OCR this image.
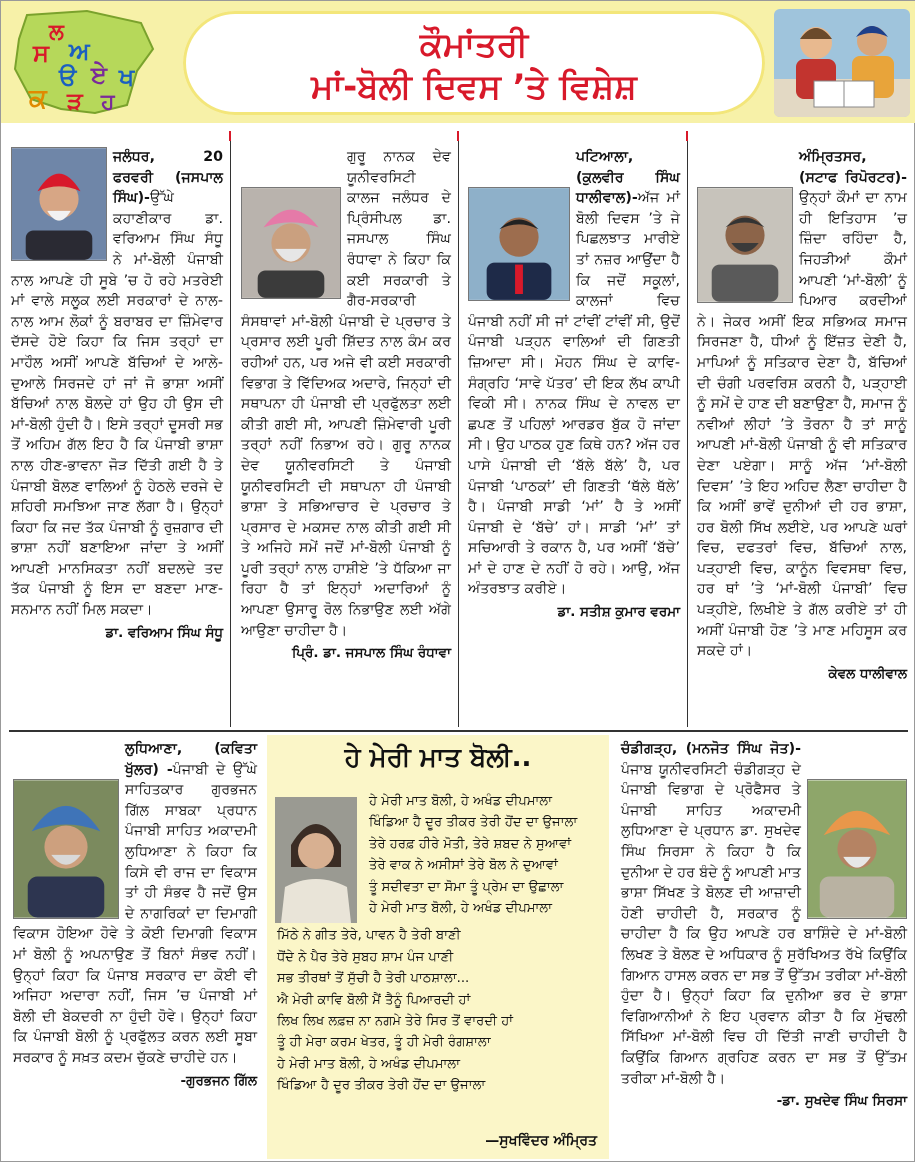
ਲ
ਸ ਅ
ੳ ਏ ਖ
ਕ ੜ ਹ
ਕੌਮਾਂਤਰੀ
ਮਾਂ-ਬੋਲੀ ਦਿਵਸ ’ਤੇ ਵਿਸ਼ੇਸ਼

ਜਲੰਧਰ, 20 ਫਰਵਰੀ (ਜਸਪਾਲ ਸਿੰਘ)-ਉੱਘੇ ਕਹਾਣੀਕਾਰ ਡਾ. ਵਰਿਆਮ ਸਿੰਘ ਸੰਧੂ ਨੇ ਮਾਂ-ਬੋਲੀ ਪੰਜਾਬੀ ਨਾਲ ਆਪਣੇ ਹੀ ਸੂਬੇ ’ਚ ਹੋ ਰਹੇ ਮਤਰੇਈ ਮਾਂ ਵਾਲੇ ਸਲੂਕ ਲਈ ਸਰਕਾਰਾਂ ਦੇ ਨਾਲ-ਨਾਲ ਆਮ ਲੋਕਾਂ ਨੂੰ ਬਰਾਬਰ ਦਾ ਜ਼ਿੰਮੇਵਾਰ ਦੱਸਦੇ ਹੋਏ ਕਿਹਾ ਕਿ ਜਿਸ ਤਰ੍ਹਾਂ ਦਾ ਮਾਹੌਲ ਅਸੀਂ ਆਪਣੇ ਬੱਚਿਆਂ ਦੇ ਆਲੇ-ਦੁਆਲੇ ਸਿਰਜਦੇ ਹਾਂ ਜਾਂ ਜੋ ਭਾਸ਼ਾ ਅਸੀਂ ਬੱਚਿਆਂ ਨਾਲ ਬੋਲਦੇ ਹਾਂ ਉਹ ਹੀ ਉਸ ਦੀ ਮਾਂ-ਬੋਲੀ ਹੁੰਦੀ ਹੈ। ਇਸੇ ਤਰ੍ਹਾਂ ਦੂਸਰੀ ਸਭ ਤੋਂ ਅਹਿਮ ਗੱਲ ਇਹ ਹੈ ਕਿ ਪੰਜਾਬੀ ਭਾਸ਼ਾ ਨਾਲ ਹੀਣ-ਭਾਵਨਾ ਜੋੜ ਦਿੱਤੀ ਗਈ ਹੈ ਤੇ ਪੰਜਾਬੀ ਬੋਲਣ ਵਾਲਿਆਂ ਨੂੰ ਹੇਠਲੇ ਦਰਜੇ ਦੇ ਸ਼ਹਿਰੀ ਸਮਝਿਆ ਜਾਣ ਲੱਗਾ ਹੈ। ਉਨ੍ਹਾਂ ਕਿਹਾ ਕਿ ਜਦ ਤੱਕ ਪੰਜਾਬੀ ਨੂੰ ਰੁਜ਼ਗਾਰ ਦੀ ਭਾਸ਼ਾ ਨਹੀਂ ਬਣਾਇਆ ਜਾਂਦਾ ਤੇ ਅਸੀਂ ਆਪਣੀ ਮਾਨਸਿਕਤਾ ਨਹੀਂ ਬਦਲਦੇ ਤਦ ਤੱਕ ਪੰਜਾਬੀ ਨੂੰ ਇਸ ਦਾ ਬਣਦਾ ਮਾਣ-ਸਨਮਾਨ ਨਹੀਂ ਮਿਲ ਸਕਦਾ।

ਡਾ. ਵਰਿਆਮ ਸਿੰਘ ਸੰਧੂ

ਗੁਰੂ ਨਾਨਕ ਦੇਵ ਯੂਨੀਵਰਸਿਟੀ ਕਾਲਜ ਜਲੰਧਰ ਦੇ ਪ੍ਰਿੰਸੀਪਲ ਡਾ. ਜਸਪਾਲ ਸਿੰਘ ਰੰਧਾਵਾ ਨੇ ਕਿਹਾ ਕਿ ਕਈ ਸਰਕਾਰੀ ਤੇ ਗੈਰ-ਸਰਕਾਰੀ ਸੰਸਥਾਵਾਂ ਮਾਂ-ਬੋਲੀ ਪੰਜਾਬੀ ਦੇ ਪ੍ਰਚਾਰ ਤੇ ਪ੍ਰਸਾਰ ਲਈ ਪੂਰੀ ਸ਼ਿੱਦਤ ਨਾਲ ਕੰਮ ਕਰ ਰਹੀਆਂ ਹਨ, ਪਰ ਅਜੇ ਵੀ ਕਈ ਸਰਕਾਰੀ ਵਿਭਾਗ ਤੇ ਵਿੱਦਿਅਕ ਅਦਾਰੇ, ਜਿਨ੍ਹਾਂ ਦੀ ਸਥਾਪਨਾ ਹੀ ਪੰਜਾਬੀ ਦੀ ਪ੍ਰਫੁੱਲਤਾ ਲਈ ਕੀਤੀ ਗਈ ਸੀ, ਆਪਣੀ ਜ਼ਿੰਮੇਵਾਰੀ ਪੂਰੀ ਤਰ੍ਹਾਂ ਨਹੀਂ ਨਿਭਾਅ ਰਹੇ। ਗੁਰੂ ਨਾਨਕ ਦੇਵ ਯੂਨੀਵਰਸਿਟੀ ਤੇ ਪੰਜਾਬੀ ਯੂਨੀਵਰਸਿਟੀ ਦੀ ਸਥਾਪਨਾ ਹੀ ਪੰਜਾਬੀ ਭਾਸ਼ਾ ਤੇ ਸਭਿਆਚਾਰ ਦੇ ਪ੍ਰਚਾਰ ਤੇ ਪ੍ਰਸਾਰ ਦੇ ਮਕਸਦ ਨਾਲ ਕੀਤੀ ਗਈ ਸੀ ਤੇ ਅਜਿਹੇ ਸਮੇਂ ਜਦੋਂ ਮਾਂ-ਬੋਲੀ ਪੰਜਾਬੀ ਨੂੰ ਪੂਰੀ ਤਰ੍ਹਾਂ ਨਾਲ ਹਾਸ਼ੀਏ ’ਤੇ ਧੱਕਿਆ ਜਾ ਰਿਹਾ ਹੈ ਤਾਂ ਇਨ੍ਹਾਂ ਅਦਾਰਿਆਂ ਨੂੰ ਆਪਣਾ ਉਸਾਰੂ ਰੋਲ ਨਿਭਾਉਣ ਲਈ ਅੱਗੇ ਆਉਣਾ ਚਾਹੀਦਾ ਹੈ।

ਪ੍ਰਿੰ. ਡਾ. ਜਸਪਾਲ ਸਿੰਘ ਰੰਧਾਵਾ

ਪਟਿਆਲਾ, (ਕੁਲਵੀਰ ਸਿੰਘ ਧਾਲੀਵਾਲ)-ਅੱਜ ਮਾਂ ਬੋਲੀ ਦਿਵਸ ’ਤੇ ਜੇ ਪਿਛਲਝਾਤ ਮਾਰੀਏ ਤਾਂ ਨਜ਼ਰ ਆਉਂਦਾ ਹੈ ਕਿ ਜਦੋਂ ਸਕੂਲਾਂ, ਕਾਲਜਾਂ ਵਿਚ ਪੰਜਾਬੀ ਨਹੀਂ ਸੀ ਜਾਂ ਟਾਂਵੀਂ ਟਾਂਵੀਂ ਸੀ, ਉਦੋਂ ਪੰਜਾਬੀ ਪੜ੍ਹਨ ਵਾਲਿਆਂ ਦੀ ਗਿਣਤੀ ਜ਼ਿਆਦਾ ਸੀ। ਮੋਹਨ ਸਿੰਘ ਦੇ ਕਾਵਿ-ਸੰਗ੍ਰਹਿ ‘ਸਾਵੇ ਪੱਤਰ’ ਦੀ ਇਕ ਲੱਖ ਕਾਪੀ ਵਿਕੀ ਸੀ। ਨਾਨਕ ਸਿੰਘ ਦੇ ਨਾਵਲ ਦਾ ਛਪਣ ਤੋਂ ਪਹਿਲਾਂ ਆਰਡਰ ਬੁੱਕ ਹੋ ਜਾਂਦਾ ਸੀ। ਉਹ ਪਾਠਕ ਹੁਣ ਕਿਥੇ ਹਨ? ਅੱਜ ਹਰ ਪਾਸੇ ਪੰਜਾਬੀ ਦੀ ‘ਬੱਲੇ ਬੱਲੇ’ ਹੈ, ਪਰ ਪੰਜਾਬੀ ‘ਪਾਠਕਾਂ’ ਦੀ ਗਿਣਤੀ ‘ਥੱਲੇ ਥੱਲੇ’ ਹੈ। ਪੰਜਾਬੀ ਸਾਡੀ ‘ਮਾਂ’ ਹੈ ਤੇ ਅਸੀਂ ਪੰਜਾਬੀ ਦੇ ‘ਬੱਚੇ’ ਹਾਂ। ਸਾਡੀ ‘ਮਾਂ’ ਤਾਂ ਸਚਿਆਰੀ ਤੇ ਰਕਾਨ ਹੈ, ਪਰ ਅਸੀਂ ‘ਬੱਚੇ’ ਮਾਂ ਦੇ ਹਾਣ ਦੇ ਨਹੀਂ ਹੋ ਰਹੇ। ਆਉ, ਅੱਜ ਅੰਤਰਝਾਤ ਕਰੀਏ।

ਡਾ. ਸਤੀਸ਼ ਕੁਮਾਰ ਵਰਮਾ

ਅੰਮ੍ਰਿਤਸਰ, (ਸਟਾਫ ਰਿਪੋਰਟਰ)-ਉਨ੍ਹਾਂ ਕੌਮਾਂ ਦਾ ਨਾਮ ਹੀ ਇਤਿਹਾਸ ’ਚ ਜ਼ਿੰਦਾ ਰਹਿੰਦਾ ਹੈ, ਜਿਹੜੀਆਂ ਕੌਮਾਂ ਆਪਣੀ ‘ਮਾਂ-ਬੋਲੀ’ ਨੂੰ ਪਿਆਰ ਕਰਦੀਆਂ ਨੇ। ਜੇਕਰ ਅਸੀਂ ਇਕ ਸਭਿਅਕ ਸਮਾਜ ਸਿਰਜਣਾ ਹੈ, ਧੀਆਂ ਨੂੰ ਇੱਜ਼ਤ ਦੇਣੀ ਹੈ, ਮਾਪਿਆਂ ਨੂੰ ਸਤਿਕਾਰ ਦੇਣਾ ਹੈ, ਬੱਚਿਆਂ ਦੀ ਚੰਗੀ ਪਰਵਰਿਸ਼ ਕਰਨੀ ਹੈ, ਪੜ੍ਹਾਈ ਨੂੰ ਸਮੇਂ ਦੇ ਹਾਣ ਦੀ ਬਣਾਉਣਾ ਹੈ, ਸਮਾਜ ਨੂੰ ਨਵੀਆਂ ਲੀਹਾਂ ’ਤੇ ਤੋਰਨਾ ਹੈ ਤਾਂ ਸਾਨੂੰ ਆਪਣੀ ਮਾਂ-ਬੋਲੀ ਪੰਜਾਬੀ ਨੂੰ ਵੀ ਸਤਿਕਾਰ ਦੇਣਾ ਪਏਗਾ। ਸਾਨੂੰ ਅੱਜ ‘ਮਾਂ-ਬੋਲੀ ਦਿਵਸ’ ’ਤੇ ਇਹ ਅਹਿਦ ਲੈਣਾ ਚਾਹੀਦਾ ਹੈ ਕਿ ਅਸੀਂ ਭਾਵੇਂ ਦੁਨੀਆਂ ਦੀ ਹਰ ਭਾਸ਼ਾ, ਹਰ ਬੋਲੀ ਸਿੱਖ ਲਈਏ, ਪਰ ਆਪਣੇ ਘਰਾਂ ਵਿਚ, ਦਫਤਰਾਂ ਵਿਚ, ਬੱਚਿਆਂ ਨਾਲ, ਪੜ੍ਹਾਈ ਵਿਚ, ਕਾਨੂੰਨ ਵਿਵਸਥਾ ਵਿਚ, ਹਰ ਥਾਂ ’ਤੇ ‘ਮਾਂ-ਬੋਲੀ ਪੰਜਾਬੀ’ ਵਿਚ ਪੜ੍ਹੀਏ, ਲਿਖੀਏ ਤੇ ਗੱਲ ਕਰੀਏ ਤਾਂ ਹੀ ਅਸੀਂ ਪੰਜਾਬੀ ਹੋਣ ’ਤੇ ਮਾਣ ਮਹਿਸੂਸ ਕਰ ਸਕਦੇ ਹਾਂ।

ਕੇਵਲ ਧਾਲੀਵਾਲ

ਲੁਧਿਆਣਾ, (ਕਵਿਤਾ ਖੁੱਲਰ) -ਪੰਜਾਬੀ ਦੇ ਉੱਘੇ ਸਾਹਿਤਕਾਰ ਗੁਰਭਜਨ ਗਿੱਲ ਸਾਬਕਾ ਪ੍ਰਧਾਨ ਪੰਜਾਬੀ ਸਾਹਿਤ ਅਕਾਦਮੀ ਲੁਧਿਆਣਾ ਨੇ ਕਿਹਾ ਕਿ ਕਿਸੇ ਵੀ ਰਾਜ ਦਾ ਵਿਕਾਸ ਤਾਂ ਹੀ ਸੰਭਵ ਹੈ ਜਦੋਂ ਉਸ ਦੇ ਨਾਗਰਿਕਾਂ ਦਾ ਦਿਮਾਗੀ ਵਿਕਾਸ ਹੋਇਆ ਹੋਵੇ ਤੇ ਕੋਈ ਦਿਮਾਗੀ ਵਿਕਾਸ ਮਾਂ ਬੋਲੀ ਨੂੰ ਅਪਨਾਉਣ ਤੋਂ ਬਿਨਾਂ ਸੰਭਵ ਨਹੀਂ। ਉਨ੍ਹਾਂ ਕਿਹਾ ਕਿ ਪੰਜਾਬ ਸਰਕਾਰ ਦਾ ਕੋਈ ਵੀ ਅਜਿਹਾ ਅਦਾਰਾ ਨਹੀਂ, ਜਿਸ ’ਚ ਪੰਜਾਬੀ ਮਾਂ ਬੋਲੀ ਦੀ ਬੇਕਦਰੀ ਨਾ ਹੁੰਦੀ ਹੋਵੇ। ਉਨ੍ਹਾਂ ਕਿਹਾ ਕਿ ਪੰਜਾਬੀ ਬੋਲੀ ਨੂੰ ਪ੍ਰਫੁੱਲਤ ਕਰਨ ਲਈ ਸੂਬਾ ਸਰਕਾਰ ਨੂੰ ਸਖ਼ਤ ਕਦਮ ਚੁੱਕਣੇ ਚਾਹੀਦੇ ਹਨ।

-ਗੁਰਭਜਨ ਗਿੱਲ
ਹੇ ਮੇਰੀ ਮਾਤ ਬੋਲੀ..
ਹੇ ਮੇਰੀ ਮਾਤ ਬੋਲੀ, ਹੇ ਅਖੰਡ ਦੀਪਮਾਲਾ
ਖਿੰਡਿਆ ਹੈ ਦੂਰ ਤੀਕਰ ਤੇਰੀ ਹੋਂਦ ਦਾ ਉਜਾਲਾ
ਤੇਰੇ ਹਰਫ਼ ਹੀਰੇ ਮੋਤੀ, ਤੇਰੇ ਸ਼ਬਦ ਨੇ ਸੁਆਵਾਂ
ਤੇਰੇ ਵਾਕ ਨੇ ਅਸੀਸਾਂ ਤੇਰੇ ਬੋਲ ਨੇ ਦੁਆਵਾਂ
ਤੂੰ ਸਦੀਵਤਾ ਦਾ ਸੋਮਾ ਤੂੰ ਪ੍ਰੇਮ ਦਾ ਉਛਾਲਾ
ਹੇ ਮੇਰੀ ਮਾਤ ਬੋਲੀ, ਹੇ ਅਖੰਡ ਦੀਪਮਾਲਾ
ਮਿੱਠੇ ਨੇ ਗੀਤ ਤੇਰੇ, ਪਾਵਨ ਹੈ ਤੇਰੀ ਬਾਣੀ
ਧੋਂਦੇ ਨੇ ਪੈਰ ਤੇਰੇ ਸੁਬਹ ਸ਼ਾਮ ਪੰਜ ਪਾਣੀ
ਸਭ ਤੀਰਥਾਂ ਤੋਂ ਸੁੱਚੀ ਹੈ ਤੇਰੀ ਪਾਠਸ਼ਾਲਾ...
ਐ ਮੇਰੀ ਕਾਵਿ ਬੋਲੀ ਮੈਂ ਤੈਨੂੰ ਪਿਆਰਦੀ ਹਾਂ
ਲਿਖ ਲਿਖ ਲਫ਼ਜ਼ ਨਾ ਨਗਮੇ ਤੇਰੇ ਸਿਰ ਤੋਂ ਵਾਰਦੀ ਹਾਂ
ਤੂੰ ਹੀ ਮੇਰਾ ਕਰਮ ਖੇਤਰ, ਤੂੰ ਹੀ ਮੇਰੀ ਰੰਗਸ਼ਾਲਾ
ਹੇ ਮੇਰੀ ਮਾਤ ਬੋਲੀ, ਹੇ ਅਖੰਡ ਦੀਪਮਾਲਾ
ਖਿੰਡਿਆ ਹੈ ਦੂਰ ਤੀਕਰ ਤੇਰੀ ਹੋਂਦ ਦਾ ਉਜਾਲਾ
—ਸੁਖਵਿੰਦਰ ਅੰਮ੍ਰਿਤ

ਚੰਡੀਗੜ੍ਹ, (ਮਨਜੋਤ ਸਿੰਘ ਜੋਤ)-ਪੰਜਾਬ ਯੂਨੀਵਰਸਿਟੀ ਚੰਡੀਗੜ੍ਹ ਦੇ ਪੰਜਾਬੀ ਵਿਭਾਗ ਦੇ ਪ੍ਰੋਫੈਸਰ ਤੇ ਪੰਜਾਬੀ ਸਾਹਿਤ ਅਕਾਦਮੀ ਲੁਧਿਆਣਾ ਦੇ ਪ੍ਰਧਾਨ ਡਾ. ਸੁਖਦੇਵ ਸਿੰਘ ਸਿਰਸਾ ਨੇ ਕਿਹਾ ਹੈ ਕਿ ਦੁਨੀਆ ਦੇ ਹਰ ਬੰਦੇ ਨੂੰ ਆਪਣੀ ਮਾਤ ਭਾਸ਼ਾ ਸਿੱਖਣ ਤੇ ਬੋਲਣ ਦੀ ਆਜ਼ਾਦੀ ਹੋਣੀ ਚਾਹੀਦੀ ਹੈ, ਸਰਕਾਰ ਨੂੰ ਚਾਹੀਦਾ ਹੈ ਕਿ ਉਹ ਆਪਣੇ ਹਰ ਬਾਸ਼ਿੰਦੇ ਦੇ ਮਾਂ-ਬੋਲੀ ਲਿਖਣ ਤੇ ਬੋਲਣ ਦੇ ਅਧਿਕਾਰ ਨੂੰ ਸੁਰੱਖਿਅਤ ਰੱਖੇ ਕਿਉਂਕਿ ਗਿਆਨ ਹਾਸਲ ਕਰਨ ਦਾ ਸਭ ਤੋਂ ਉੱਤਮ ਤਰੀਕਾ ਮਾਂ-ਬੋਲੀ ਹੁੰਦਾ ਹੈ। ਉਨ੍ਹਾਂ ਕਿਹਾ ਕਿ ਦੁਨੀਆ ਭਰ ਦੇ ਭਾਸ਼ਾ ਵਿਗਿਆਨੀਆਂ ਨੇ ਇਹ ਪ੍ਰਵਾਨ ਕੀਤਾ ਹੈ ਕਿ ਮੁੱਢਲੀ ਸਿੱਖਿਆ ਮਾਂ-ਬੋਲੀ ਵਿਚ ਹੀ ਦਿੱਤੀ ਜਾਣੀ ਚਾਹੀਦੀ ਹੈ ਕਿਉਂਕਿ ਗਿਆਨ ਗ੍ਰਹਿਣ ਕਰਨ ਦਾ ਸਭ ਤੋਂ ਉੱਤਮ ਤਰੀਕਾ ਮਾਂ-ਬੋਲੀ ਹੈ।

-ਡਾ. ਸੁਖਦੇਵ ਸਿੰਘ ਸਿਰਸਾ
